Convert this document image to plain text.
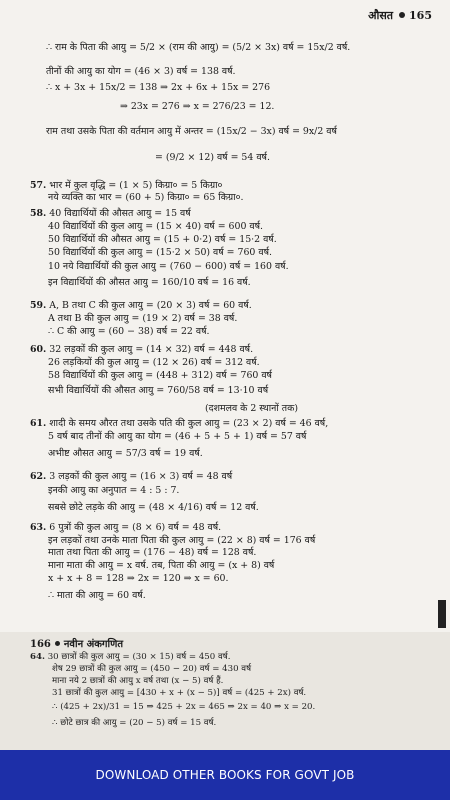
औसत 165
∴ राम के पिता की आयु = 5/2 × (राम की आयु) = (5/2 × 3x) वर्ष = 15x/2 वर्ष.
तीनों की आयु का योग = (46 × 3) वर्ष = 138 वर्ष.
∴ x + 3x + 15x/2 = 138 ⇒ 2x + 6x + 15x = 276
⇒ 23x = 276 ⇒ x = 276/23 = 12.
राम तथा उसके पिता की वर्तमान आयु में अन्तर = (15x/2 − 3x) वर्ष = 9x/2 वर्ष
= (9/2 × 12) वर्ष = 54 वर्ष.
57. भार में कुल वृद्धि = (1 × 5) किग्रा० = 5 किग्रा०
नये व्यक्ति का भार = (60 + 5) किग्रा० = 65 किग्रा०.
58. 40 विद्यार्थियों की औसत आयु = 15 वर्ष
40 विद्यार्थियों की कुल आयु = (15 × 40) वर्ष = 600 वर्ष.
50 विद्यार्थियों की औसत आयु = (15 + 0·2) वर्ष = 15·2 वर्ष.
50 विद्यार्थियों की कुल आयु = (15·2 × 50) वर्ष = 760 वर्ष.
10 नये विद्यार्थियों की कुल आयु = (760 − 600) वर्ष = 160 वर्ष.
इन विद्यार्थियों की औसत आयु = 160/10 वर्ष = 16 वर्ष.
59. A, B तथा C की कुल आयु = (20 × 3) वर्ष = 60 वर्ष.
A तथा B की कुल आयु = (19 × 2) वर्ष = 38 वर्ष.
∴ C की आयु = (60 − 38) वर्ष = 22 वर्ष.
60. 32 लड़कों की कुल आयु = (14 × 32) वर्ष = 448 वर्ष.
26 लड़कियों की कुल आयु = (12 × 26) वर्ष = 312 वर्ष.
58 विद्यार्थियों की कुल आयु = (448 + 312) वर्ष = 760 वर्ष
सभी विद्यार्थियों की औसत आयु = 760/58 वर्ष = 13·10 वर्ष
(दशमलव के 2 स्थानों तक)
61. शादी के समय औरत तथा उसके पति की कुल आयु = (23 × 2) वर्ष = 46 वर्ष,
5 वर्ष बाद तीनों की आयु का योग = (46 + 5 + 5 + 1) वर्ष = 57 वर्ष
अभीष्ट औसत आयु = 57/3 वर्ष = 19 वर्ष.
62. 3 लड़कों की कुल आयु = (16 × 3) वर्ष = 48 वर्ष
इनकी आयु का अनुपात = 4 : 5 : 7.
सबसे छोटे लड़के की आयु = (48 × 4/16) वर्ष = 12 वर्ष.
63. 6 पुत्रों की कुल आयु = (8 × 6) वर्ष = 48 वर्ष.
इन लड़कों तथा उनके माता पिता की कुल आयु = (22 × 8) वर्ष = 176 वर्ष
माता तथा पिता की आयु = (176 − 48) वर्ष = 128 वर्ष.
माना माता की आयु = x वर्ष. तब, पिता की आयु = (x + 8) वर्ष
x + x + 8 = 128 ⇒ 2x = 120 ⇒ x = 60.
∴ माता की आयु = 60 वर्ष.
166 नवीन अंकगणित
64. 30 छात्रों की कुल आयु = (30 × 15) वर्ष = 450 वर्ष.
शेष 29 छात्रों की कुल आयु = (450 − 20) वर्ष = 430 वर्ष
माना नये 2 छात्रों की आयु x वर्ष तथा (x − 5) वर्ष हैं.
31 छात्रों की कुल आयु = [430 + x + (x − 5)] वर्ष = (425 + 2x) वर्ष.
∴ (425 + 2x)/31 = 15 ⇒ 425 + 2x = 465 ⇒ 2x = 40 ⇒ x = 20.
∴ छोटे छात्र की आयु = (20 − 5) वर्ष = 15 वर्ष.
DOWNLOAD OTHER BOOKS FOR GOVT JOB
